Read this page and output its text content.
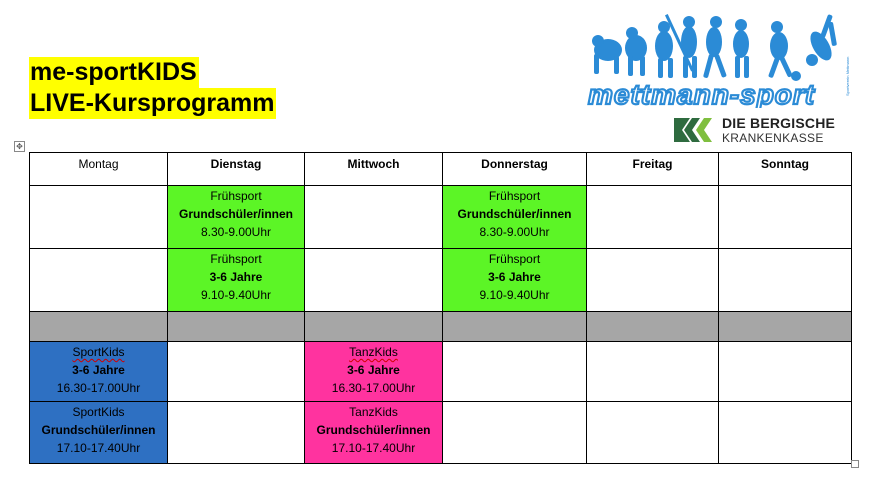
me-sportKIDS
LIVE-Kursprogramm	mettmann-sport	Sportverein Mettmann
DIE BERGISCHE
KRANKENKASSE
✥
Montag	Dienstag	Mittwoch	Donnerstag	Freitag	Sonntag

	Frühsport
Grundschüler/innen
8.30-9.00Uhr		Frühsport
Grundschüler/innen
8.30-9.00Uhr		

	Frühsport
3-6 Jahre
9.10-9.40Uhr		Frühsport
3-6 Jahre
9.10-9.40Uhr		

SportKids
3-6 Jahre
16.30-17.00Uhr		TanzKids
3-6 Jahre
16.30-17.00Uhr			

SportKids
Grundschüler/innen
17.10-17.40Uhr		TanzKids
Grundschüler/innen
17.10-17.40Uhr			
